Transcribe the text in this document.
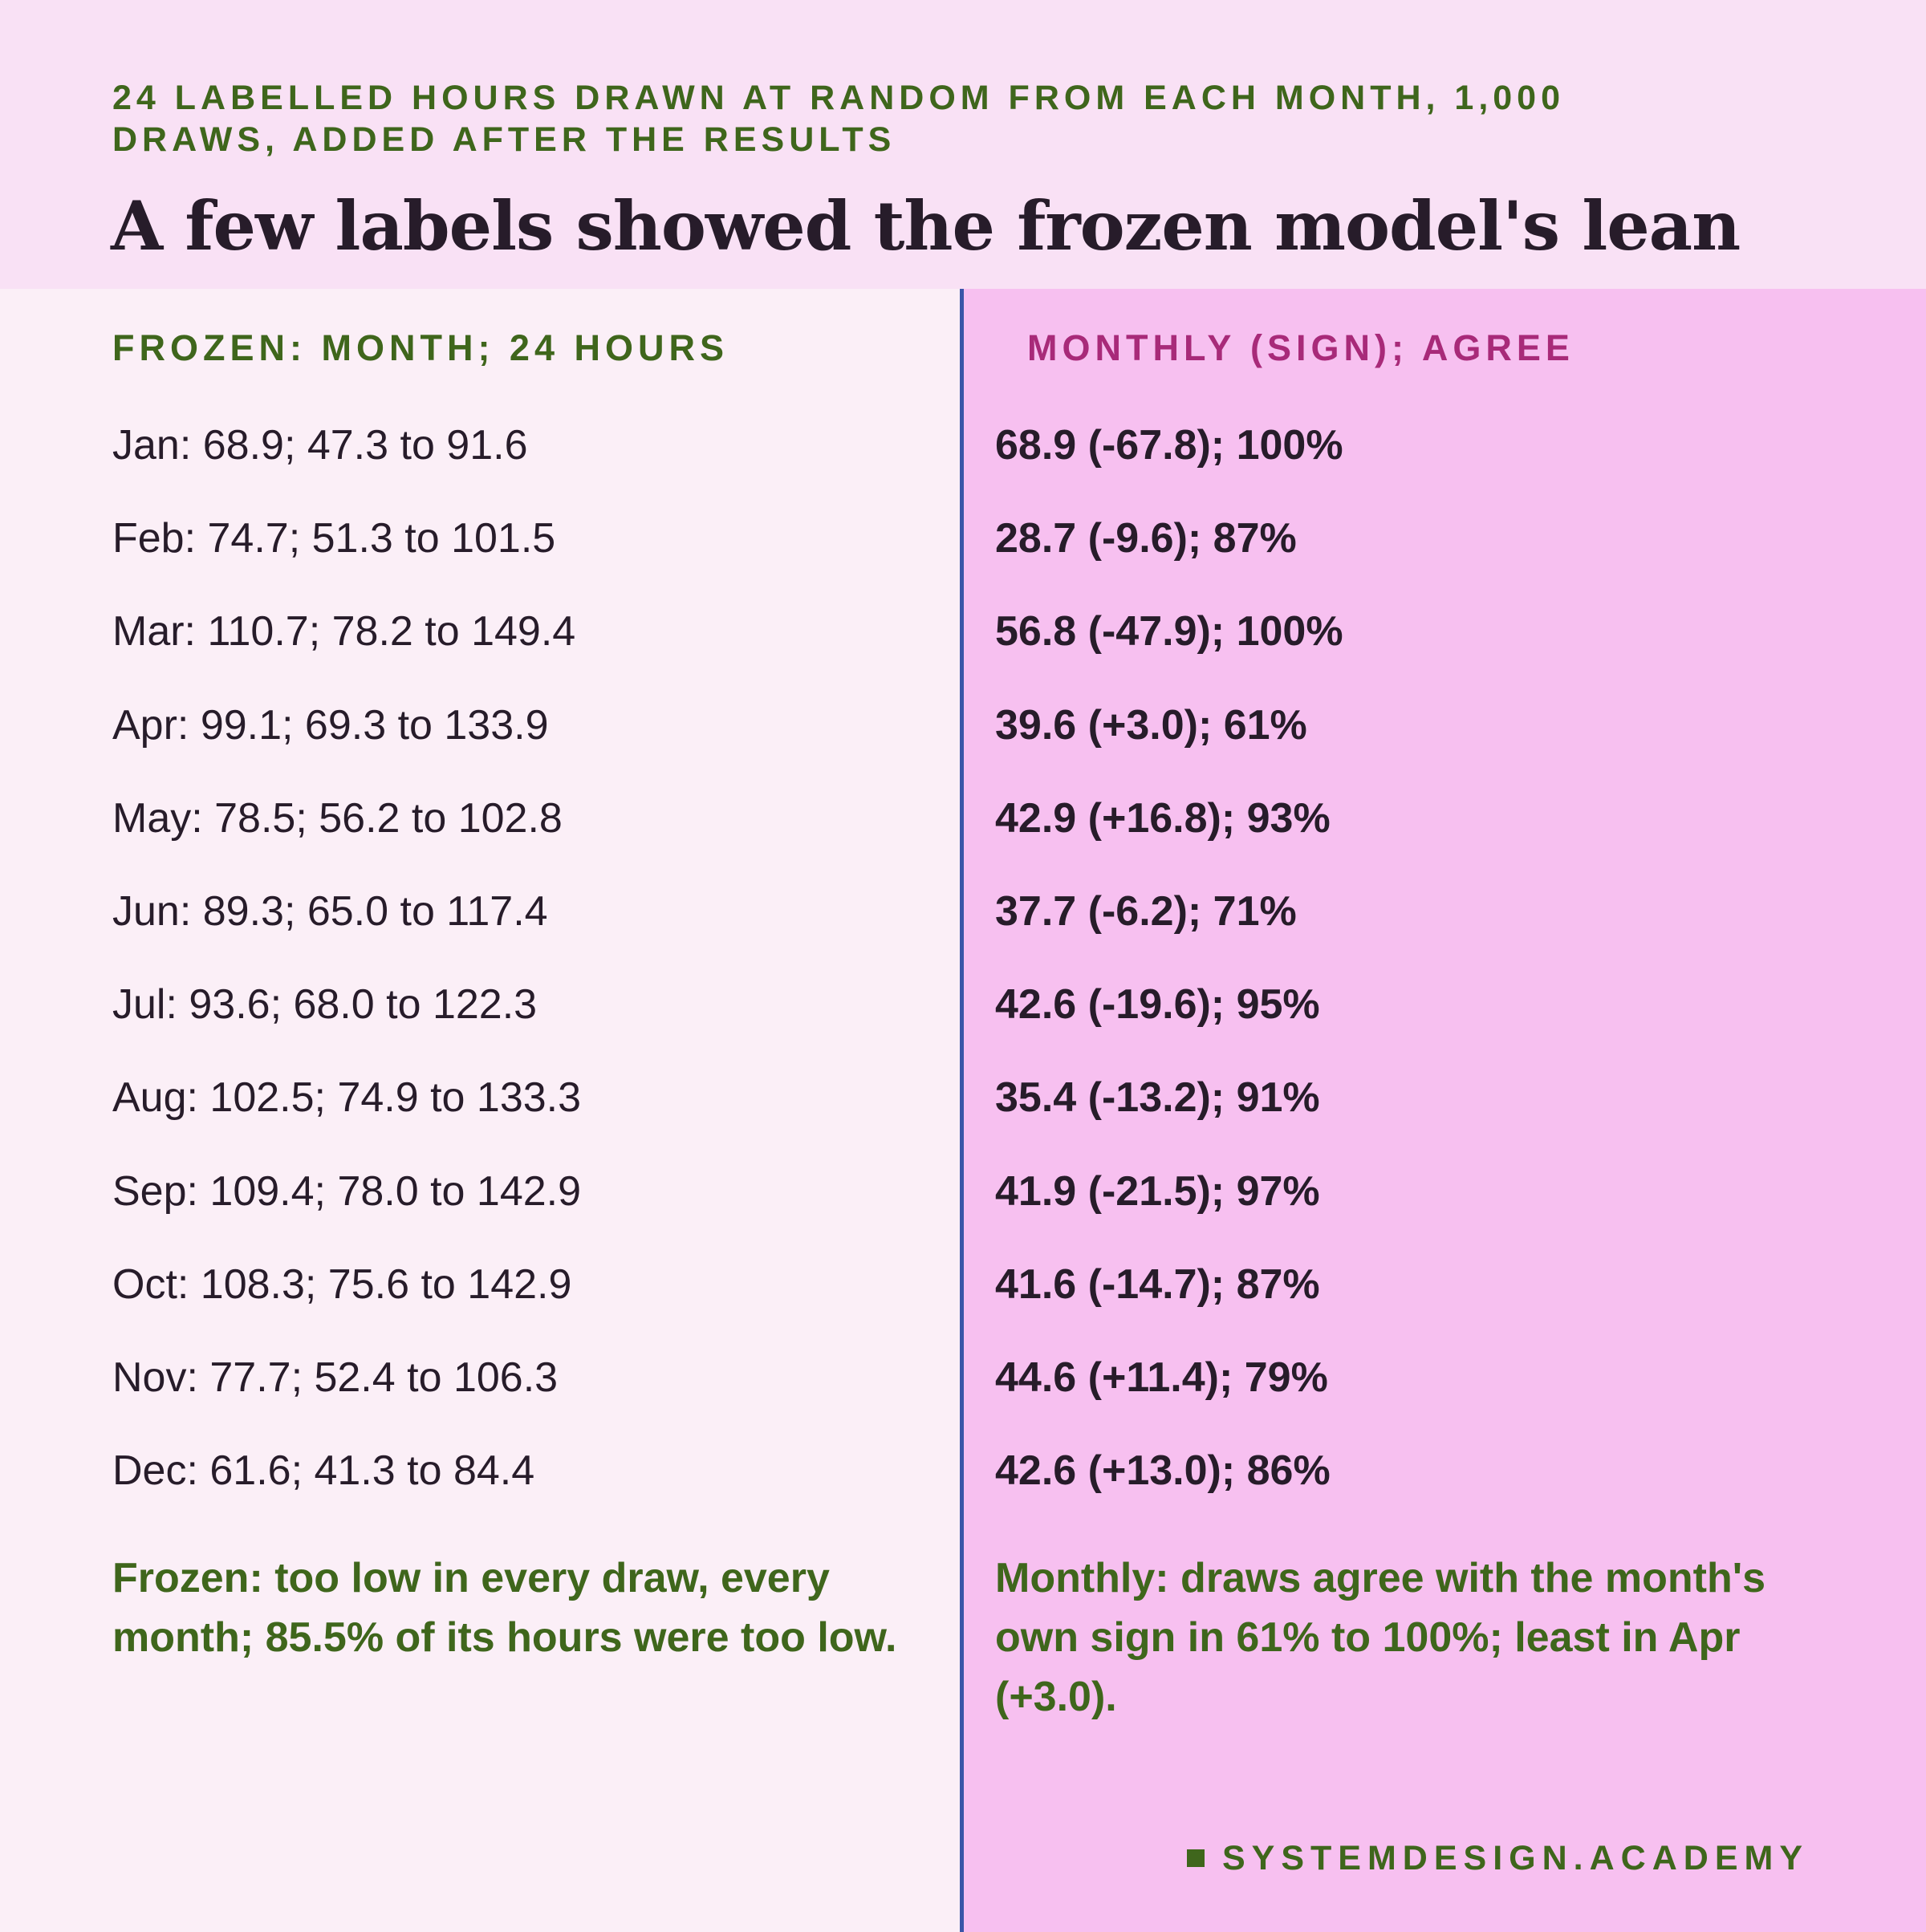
24 LABELLED HOURS DRAWN AT RANDOM FROM EACH MONTH, 1,000 DRAWS, ADDED AFTER THE RESULTS
A few labels showed the frozen model's lean
FROZEN: MONTH; 24 HOURS	MONTHLY (SIGN); AGREE
Jan: 68.9; 47.3 to 91.6
Feb: 74.7; 51.3 to 101.5
Mar: 110.7; 78.2 to 149.4
Apr: 99.1; 69.3 to 133.9
May: 78.5; 56.2 to 102.8
Jun: 89.3; 65.0 to 117.4
Jul: 93.6; 68.0 to 122.3
Aug: 102.5; 74.9 to 133.3
Sep: 109.4; 78.0 to 142.9
Oct: 108.3; 75.6 to 142.9
Nov: 77.7; 52.4 to 106.3
Dec: 61.6; 41.3 to 84.4
68.9 (-67.8); 100%
28.7 (-9.6); 87%
56.8 (-47.9); 100%
39.6 (+3.0); 61%
42.9 (+16.8); 93%
37.7 (-6.2); 71%
42.6 (-19.6); 95%
35.4 (-13.2); 91%
41.9 (-21.5); 97%
41.6 (-14.7); 87%
44.6 (+11.4); 79%
42.6 (+13.0); 86%
Frozen: too low in every draw, every month; 85.5% of its hours were too low.
Monthly: draws agree with the month's own sign in 61% to 100%; least in Apr (+3.0).
SYSTEMDESIGN.ACADEMY
